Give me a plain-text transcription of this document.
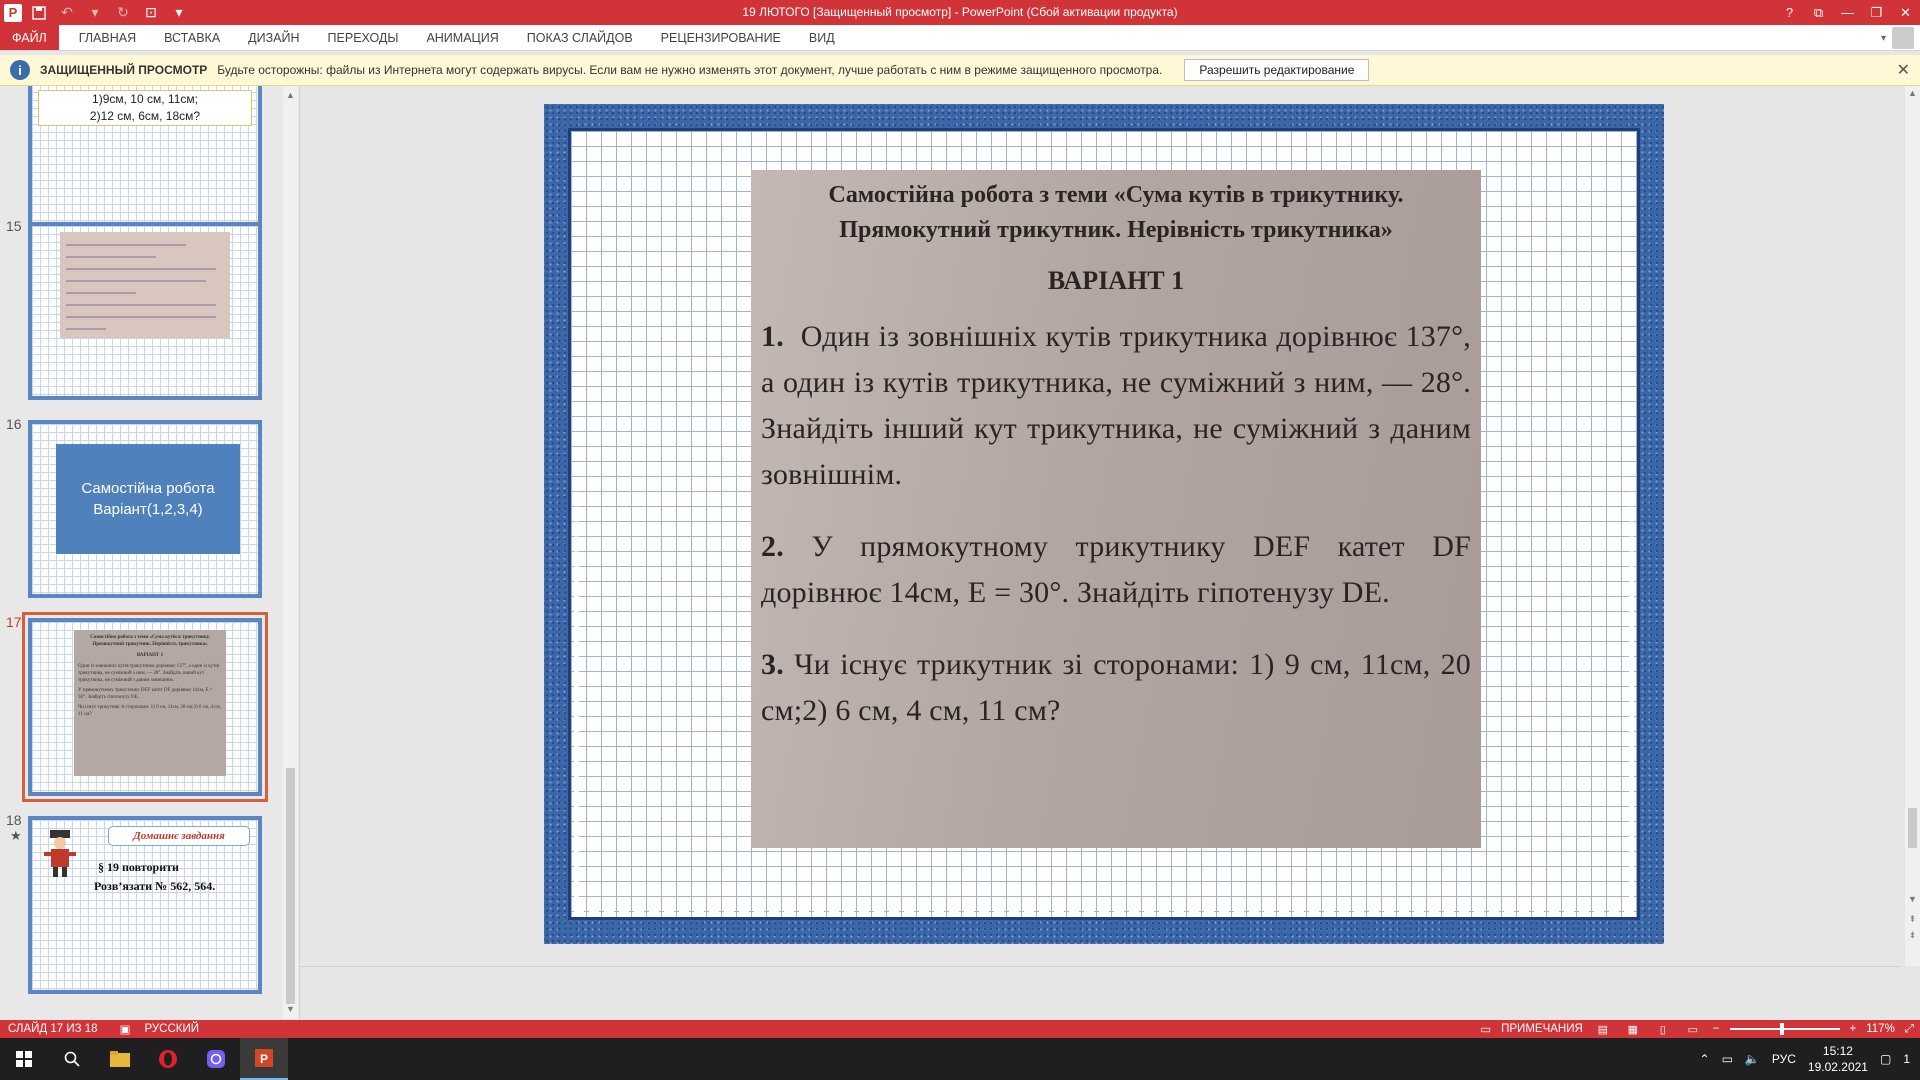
P	↶	▾	↻	⊡	▾	19 ЛЮТОГО [Защищенный просмотр] - PowerPoint (Сбой активации продукта)	?	⧉	—	❐	✕
ФАЙЛ	ГЛАВНАЯ	ВСТАВКА	ДИЗАЙН	ПЕРЕХОДЫ	АНИМАЦИЯ	ПОКАЗ СЛАЙДОВ	РЕЦЕНЗИРОВАНИЕ	ВИД	▾
i	ЗАЩИЩЕННЫЙ ПРОСМОТР Будьте осторожны: файлы из Интернета могут содержать вирусы. Если вам не нужно изменять этот документ, лучше работать с ним в режиме защищенного просмотра.	Разрешить редактирование	✕
1)9см, 10 см, 11см;
2)12 см, 6см, 18см?
15
16
Самостійна робота
Варіант(1,2,3,4)
17
Самостійна робота з теми «Сума кутів в трикутнику.
Прямокутний трикутник. Нерівність трикутника»
ВАРІАНТ 1
Один із зовнішніх кутів трикутника дорівнює 137°, а один із кутів трикутника, не суміжний з ним, — 28°. Знайдіть інший кут трикутника, не суміжний з даним зовнішнім.
У прямокутному трикутнику DEF катет DF дорівнює 14см, E = 30°. Знайдіть гіпотенузу DE.
Чи існує трикутник зі сторонами: 1) 9 см, 11см, 20 см;2) 6 см, 4 см, 11 см?
18
★	Домашнє завдання
§ 19 повторити
Розв’язати № 562, 564.
▲
▼
Самостійна робота з теми «Сума кутів в трикутнику.
Прямокутний трикутник. Нерівність трикутника»
ВАРІАНТ 1
1. Один із зовнішніх кутів трикутника дорівнює 137°, а один із кутів трикутника, не суміжний з ним, — 28°. Знайдіть інший кут трикутника, не суміжний з даним зовнішнім.
2. У прямокутному трикутнику DEF катет DF дорівнює 14см, E = 30°. Знайдіть гіпотенузу DE.
3. Чи існує трикутник зі сторонами: 1) 9 см, 11см, 20 см;2) 6 см, 4 см, 11 см?
▲
▼
⇞
⇟
СЛАЙД 17 ИЗ 18 ▣ РУССКИЙ	▭ ПРИМЕЧАНИЯ	▤	▦	▯	▭	−	+ 117% ⤢
P	⌃ ▭ 🔈 РУС
15:12
19.02.2021
▢ 1
